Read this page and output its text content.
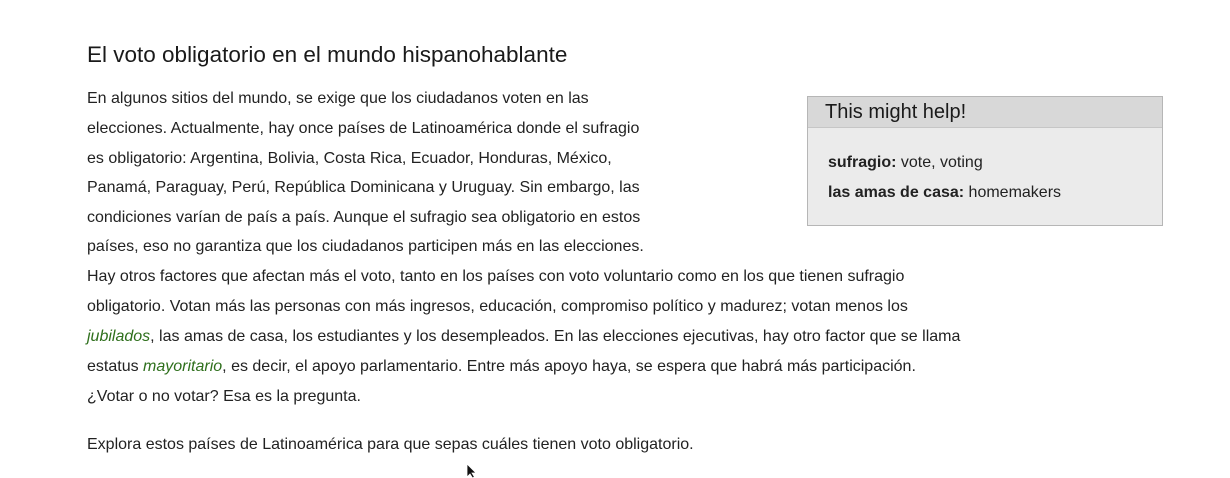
El voto obligatorio en el mundo hispanohablante
En algunos sitios del mundo, se exige que los ciudadanos voten en las
elecciones. Actualmente, hay once países de Latinoamérica donde el sufragio
es obligatorio: Argentina, Bolivia, Costa Rica, Ecuador, Honduras, México,
Panamá, Paraguay, Perú, República Dominicana y Uruguay. Sin embargo, las
condiciones varían de país a país. Aunque el sufragio sea obligatorio en estos
países, eso no garantiza que los ciudadanos participen más en las elecciones.
Hay otros factores que afectan más el voto, tanto en los países con voto voluntario como en los que tienen sufragio
obligatorio. Votan más las personas con más ingresos, educación, compromiso político y madurez; votan menos los
jubilados, las amas de casa, los estudiantes y los desempleados. En las elecciones ejecutivas, hay otro factor que se llama
estatus mayoritario, es decir, el apoyo parlamentario. Entre más apoyo haya, se espera que habrá más participación.
¿Votar o no votar? Esa es la pregunta.
Explora estos países de Latinoamérica para que sepas cuáles tienen voto obligatorio.
This might help!
sufragio: vote, voting
las amas de casa: homemakers
